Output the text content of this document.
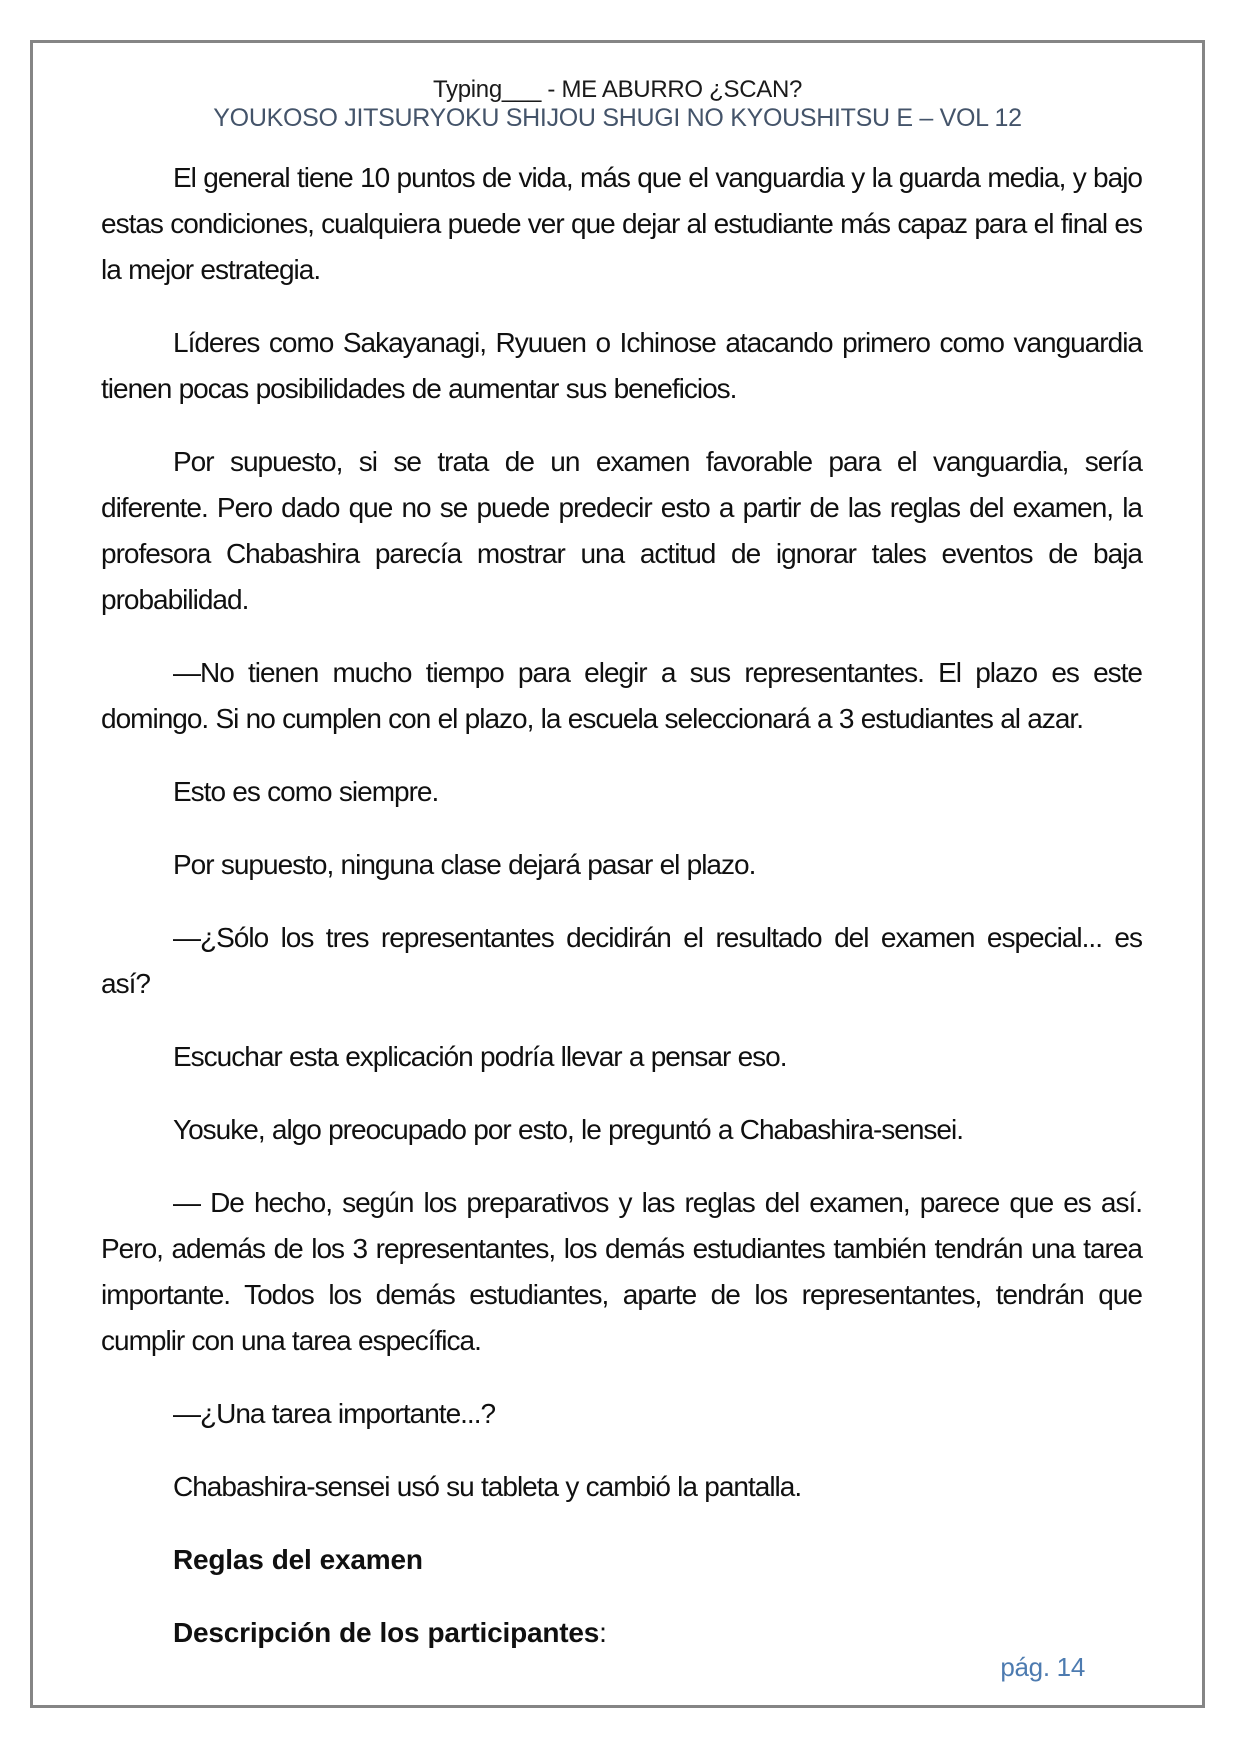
Typing___ - ME ABURRO ¿SCAN?
YOUKOSO JITSURYOKU SHIJOU SHUGI NO KYOUSHITSU E – VOL 12

El general tiene 10 puntos de vida, más que el vanguardia y la guarda media, y bajo estas condiciones, cualquiera puede ver que dejar al estudiante más capaz para el final es la mejor estrategia.

Líderes como Sakayanagi, Ryuuen o Ichinose atacando primero como vanguardia tienen pocas posibilidades de aumentar sus beneficios.

Por supuesto, si se trata de un examen favorable para el vanguardia, sería diferente. Pero dado que no se puede predecir esto a partir de las reglas del examen, la profesora Chabashira parecía mostrar una actitud de ignorar tales eventos de baja probabilidad.

—No tienen mucho tiempo para elegir a sus representantes. El plazo es este domingo. Si no cumplen con el plazo, la escuela seleccionará a 3 estudiantes al azar.

Esto es como siempre.

Por supuesto, ninguna clase dejará pasar el plazo.

—¿Sólo los tres representantes decidirán el resultado del examen especial... es así?

Escuchar esta explicación podría llevar a pensar eso.

Yosuke, algo preocupado por esto, le preguntó a Chabashira-sensei.

— De hecho, según los preparativos y las reglas del examen, parece que es así. Pero, además de los 3 representantes, los demás estudiantes también tendrán una tarea importante. Todos los demás estudiantes, aparte de los representantes, tendrán que cumplir con una tarea específica.

—¿Una tarea importante...?

Chabashira-sensei usó su tableta y cambió la pantalla.

Reglas del examen

Descripción de los participantes:

pág. 14
